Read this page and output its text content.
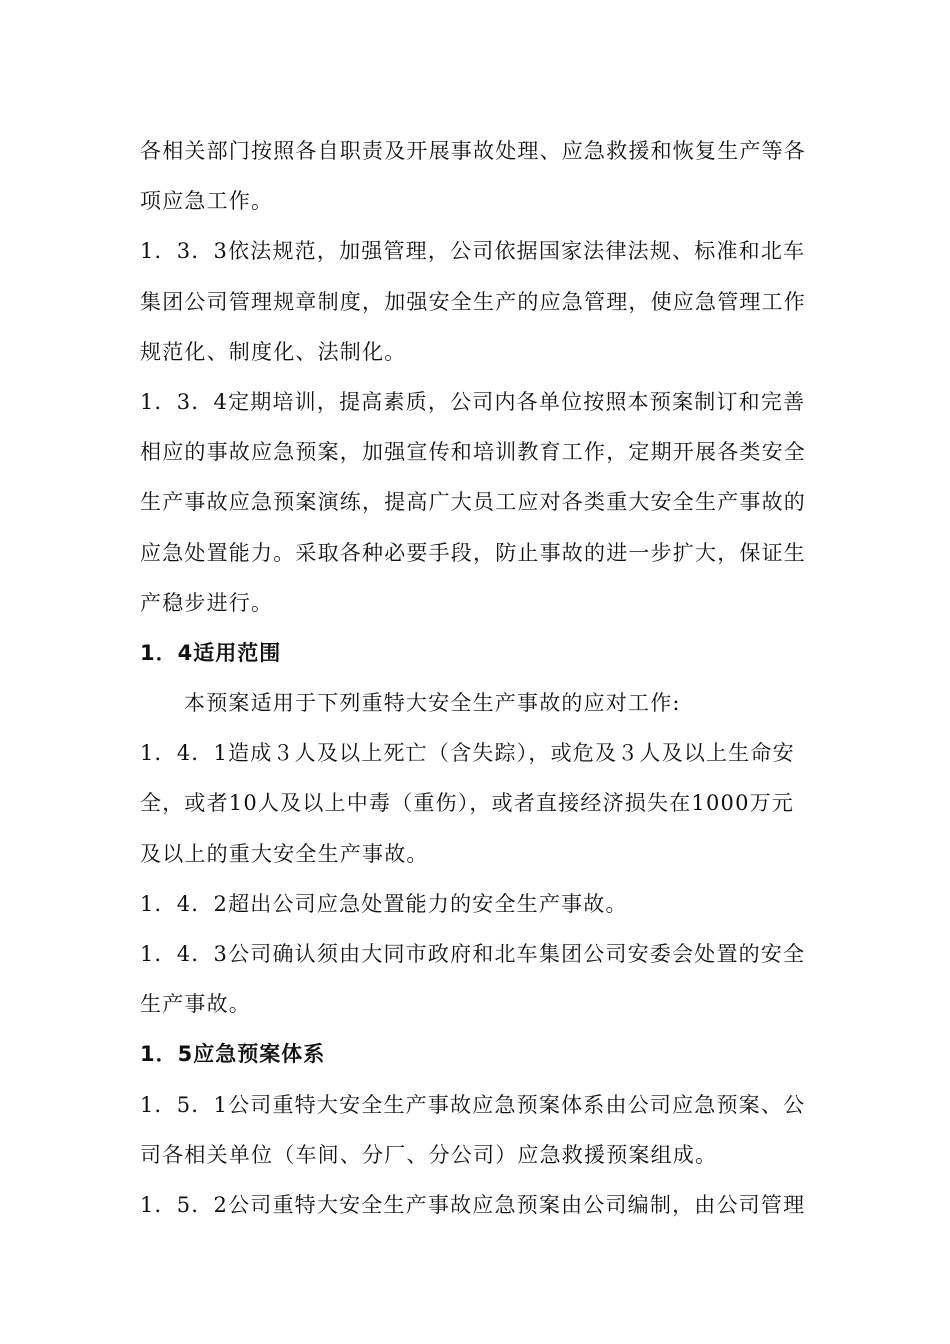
各相关部门按照各自职责及开展事故处理、应急救援和恢复生产等各
项应急工作。
1．3．3依法规范，加强管理，公司依据国家法律法规、标准和北车
集团公司管理规章制度，加强安全生产的应急管理，使应急管理工作
规范化、制度化、法制化。
1．3．4定期培训，提高素质，公司内各单位按照本预案制订和完善
相应的事故应急预案，加强宣传和培训教育工作，定期开展各类安全
生产事故应急预案演练，提高广大员工应对各类重大安全生产事故的
应急处置能力。采取各种必要手段，防止事故的进一步扩大，保证生
产稳步进行。
1．4适用范围
本预案适用于下列重特大安全生产事故的应对工作:
1．4．1造成３人及以上死亡（含失踪），或危及３人及以上生命安
全，或者10人及以上中毒（重伤），或者直接经济损失在1000万元
及以上的重大安全生产事故。
1．4．2超出公司应急处置能力的安全生产事故。
1．4．3公司确认须由大同市政府和北车集团公司安委会处置的安全
生产事故。
1．5应急预案体系
1．5．1公司重特大安全生产事故应急预案体系由公司应急预案、公
司各相关单位（车间、分厂、分公司）应急救援预案组成。
1．5．2公司重特大安全生产事故应急预案由公司编制，由公司管理
